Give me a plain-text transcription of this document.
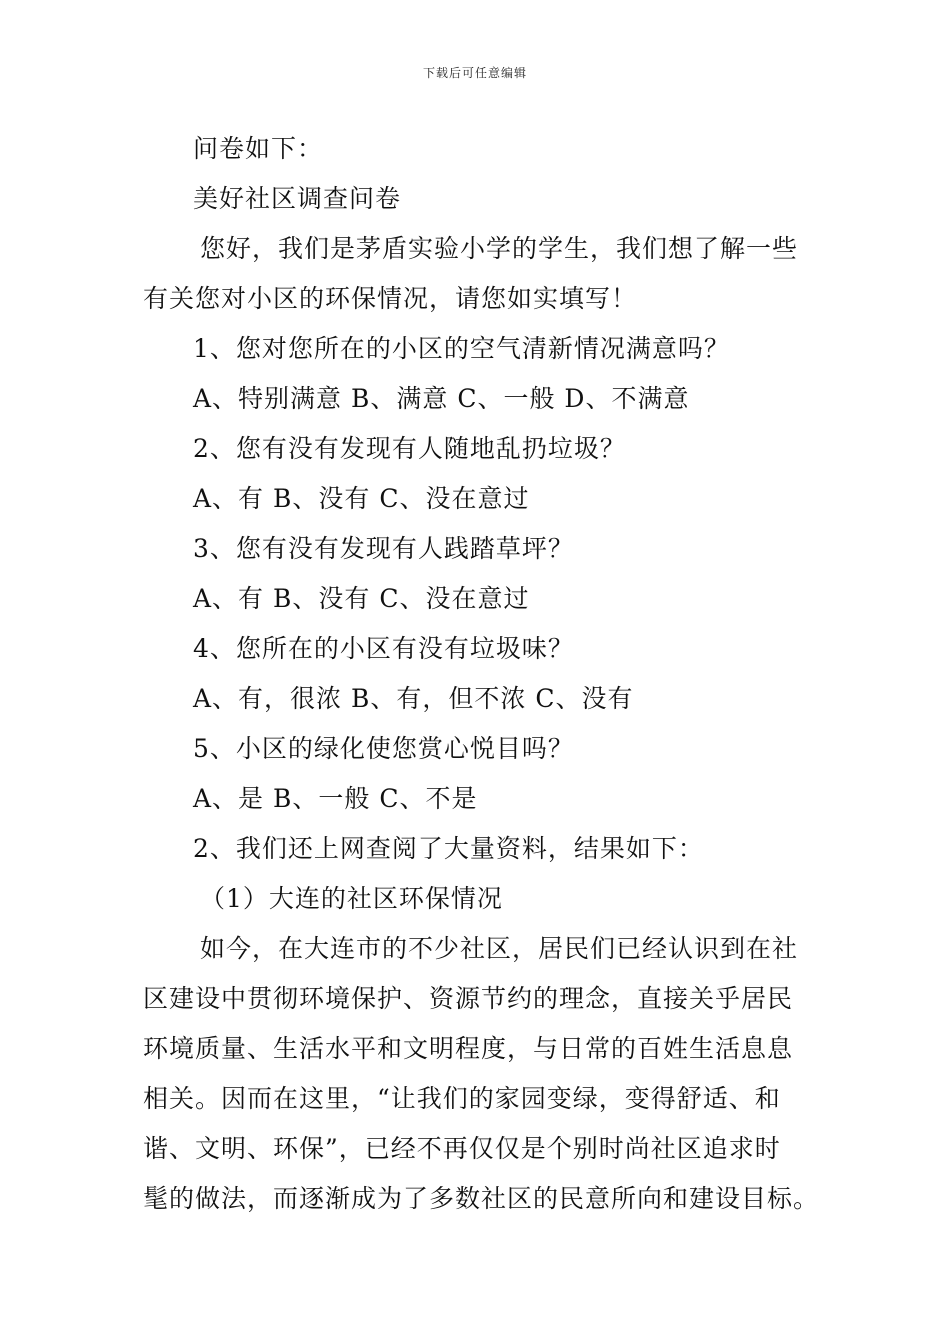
下载后可任意编辑
问卷如下：
美好社区调查问卷
您好，我们是茅盾实验小学的学生，我们想了解一些
有关您对小区的环保情况，请您如实填写！
1、您对您所在的小区的空气清新情况满意吗？
A、特别满意 B、满意 C、一般 D、不满意
2、您有没有发现有人随地乱扔垃圾？
A、有 B、没有 C、没在意过
3、您有没有发现有人践踏草坪？
A、有 B、没有 C、没在意过
4、您所在的小区有没有垃圾味？
A、有，很浓 B、有，但不浓 C、没有
5、小区的绿化使您赏心悦目吗？
A、是 B、一般 C、不是
2、我们还上网查阅了大量资料，结果如下：
（1）大连的社区环保情况
如今，在大连市的不少社区，居民们已经认识到在社
区建设中贯彻环境保护、资源节约的理念，直接关乎居民
环境质量、生活水平和文明程度，与日常的百姓生活息息
相关。因而在这里，“让我们的家园变绿，变得舒适、和
谐、文明、环保”，已经不再仅仅是个别时尚社区追求时
髦的做法，而逐渐成为了多数社区的民意所向和建设目标。
